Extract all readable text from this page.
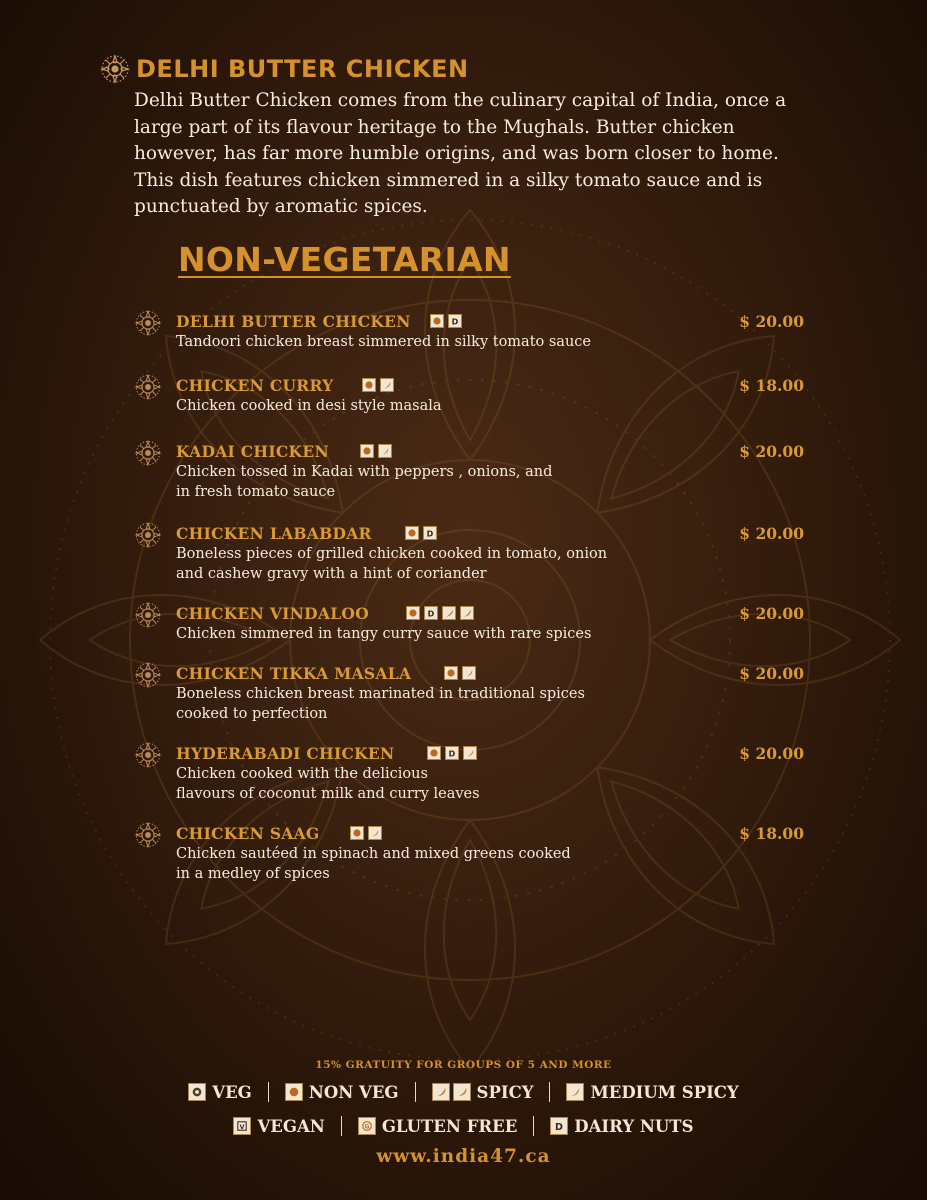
DELHI BUTTER CHICKEN
Delhi Butter Chicken comes from the culinary capital of India, once a large part of its flavour heritage to the Mughals. Butter chicken however, has far more humble origins, and was born closer to home. This dish features chicken simmered in a silky tomato sauce and is punctuated by aromatic spices.
NON-VEGETARIAN
DELHI BUTTER CHICKEN	D	$ 20.00
Tandoori chicken breast simmered in silky tomato sauce
CHICKEN CURRY	$ 18.00
Chicken cooked in desi style masala
KADAI CHICKEN	$ 20.00
Chicken tossed in Kadai with peppers , onions, and
in fresh tomato sauce
CHICKEN LABABDAR	D	$ 20.00
Boneless pieces of grilled chicken cooked in tomato, onion
and cashew gravy with a hint of coriander
CHICKEN VINDALOO	D	$ 20.00
Chicken simmered in tangy curry sauce with rare spices
CHICKEN TIKKA MASALA	$ 20.00
Boneless chicken breast marinated in traditional spices
cooked to perfection
HYDERABADI CHICKEN	D	$ 20.00
Chicken cooked with the delicious
flavours of coconut milk and curry leaves
CHICKEN SAAG	$ 18.00
Chicken sautéed in spinach and mixed greens cooked
in a medley of spices
15% GRATUITY FOR GROUPS OF 5 AND MORE
VEG	NON VEG	SPICY	MEDIUM SPICY
V VEGAN	G GLUTEN FREE	D DAIRY NUTS
www.india47.ca
